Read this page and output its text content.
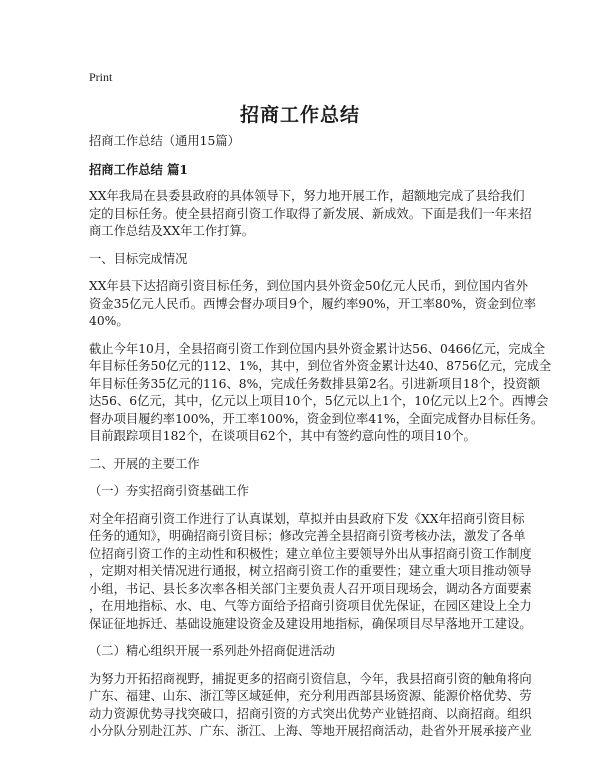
Print
招商工作总结

招商工作总结（通用15篇）

招商工作总结 篇1

XX年我局在县委县政府的具体领导下，努力地开展工作，超额地完成了县给我们
定的目标任务。使全县招商引资工作取得了新发展、新成效。下面是我们一年来招
商工作总结及XX年工作打算。

一、目标完成情况

XX年县下达招商引资目标任务，到位国内县外资金50亿元人民币，到位国内省外
资金35亿元人民币。西博会督办项目9个，履约率90%，开工率80%，资金到位率
40%。

截止今年10月，全县招商引资工作到位国内县外资金累计达56、0466亿元，完成全
年目标任务50亿元的112、1%，其中，到位省外资金累计达40、8756亿元，完成全
年目标任务35亿元的116、8%，完成任务数排县第2名。引进新项目18个，投资额
达56、6亿元，其中，亿元以上项目10个，5亿元以上1个，10亿元以上2个。西博会
督办项目履约率100%，开工率100%，资金到位率41%，全面完成督办目标任务。
目前跟踪项目182个，在谈项目62个，其中有签约意向性的项目10个。

二、开展的主要工作

（一）夯实招商引资基础工作

对全年招商引资工作进行了认真谋划，草拟并由县政府下发《XX年招商引资目标
任务的通知》，明确招商引资目标；修改完善全县招商引资考核办法，激发了各单
位招商引资工作的主动性和积极性；建立单位主要领导外出从事招商引资工作制度
，定期对相关情况进行通报，树立招商引资工作的重要性；建立重大项目推动领导
小组，书记、县长多次率各相关部门主要负责人召开项目现场会，调动各方面要素
，在用地指标、水、电、气等方面给予招商引资项目优先保证，在园区建设上全力
保证征地拆迁、基础设施建设资金及建设用地指标，确保项目尽早落地开工建设。

（二）精心组织开展一系列赴外招商促进活动

为努力开拓招商视野，捕捉更多的招商引资信息，今年，我县招商引资的触角将向
广东、福建、山东、浙江等区域延伸，充分利用西部县场资源、能源价格优势、劳
动力资源优势寻找突破口，招商引资的方式突出优势产业链招商、以商招商。组织
小分队分别赴江苏、广东、浙江、上海、等地开展招商活动，赴省外开展承接产业
